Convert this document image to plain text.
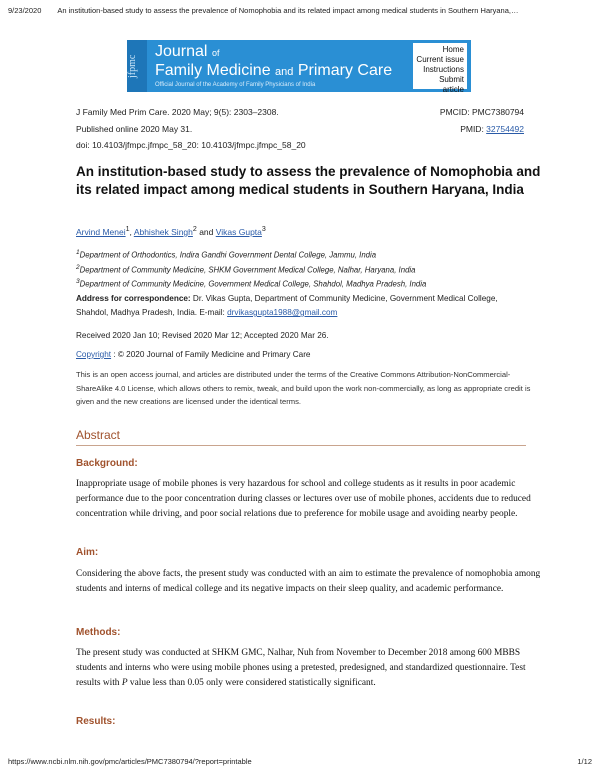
9/23/2020 An institution-based study to assess the prevalence of Nomophobia and its related impact among medical students in Southern Haryana,…
jfpmc
Journal of
Family Medicine and Primary Care
Official Journal of the Academy of Family Physicians of India
Home
Current issue
Instructions
Submit article
J Family Med Prim Care. 2020 May; 9(5): 2303–2308.
Published online 2020 May 31.
doi: 10.4103/jfmpc.jfmpc_58_20: 10.4103/jfmpc.jfmpc_58_20
PMCID: PMC7380794
PMID: 32754492
An institution-based study to assess the prevalence of Nomophobia and its related impact among medical students in Southern Haryana, India
Arvind Menei$^1$, Abhishek Singh$^2$ and Vikas Gupta$^3$
$^1$Department of Orthodontics, Indira Gandhi Government Dental College, Jammu, India
$^2$Department of Community Medicine, SHKM Government Medical College, Nalhar, Haryana, India
$^3$Department of Community Medicine, Government Medical College, Shahdol, Madhya Pradesh, India
Address for correspondence: Dr. Vikas Gupta, Department of Community Medicine, Government Medical College, Shahdol, Madhya Pradesh, India. E-mail: drvikasgupta1988@gmail.com
Received 2020 Jan 10; Revised 2020 Mar 12; Accepted 2020 Mar 26.
Copyright : © 2020 Journal of Family Medicine and Primary Care
This is an open access journal, and articles are distributed under the terms of the Creative Commons Attribution-NonCommercial-ShareAlike 4.0 License, which allows others to remix, tweak, and build upon the work non-commercially, as long as appropriate credit is given and the new creations are licensed under the identical terms.
Abstract
Background:
Inappropriate usage of mobile phones is very hazardous for school and college students as it results in poor academic performance due to the poor concentration during classes or lectures over use of mobile phones, accidents due to reduced concentration while driving, and poor social relations due to preference for mobile usage and avoiding nearby people.
Aim:
Considering the above facts, the present study was conducted with an aim to estimate the prevalence of nomophobia among students and interns of medical college and its negative impacts on their sleep quality, and academic performance.
Methods:
The present study was conducted at SHKM GMC, Nalhar, Nuh from November to December 2018 among 600 MBBS students and interns who were using mobile phones using a pretested, predesigned, and standardized questionnaire. Test results with P value less than 0.05 only were considered statistically significant.
Results:
https://www.ncbi.nlm.nih.gov/pmc/articles/PMC7380794/?report=printable	1/12
